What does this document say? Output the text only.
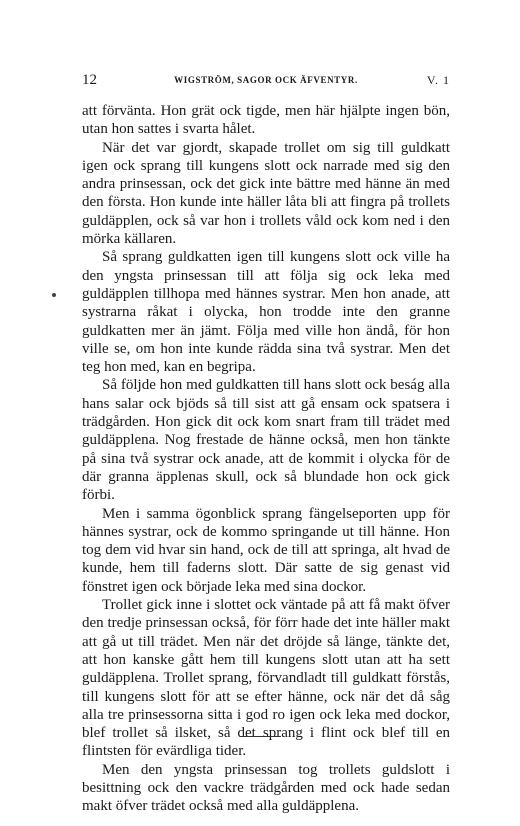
12	WIGSTRÖM, SAGOR OCK ÄFVENTYR.	V. 1

att förvänta. Hon grät ock tigde, men här hjälpte ingen bön, utan hon sattes i svarta hålet.

När det var gjordt, skapade trollet om sig till guldkatt igen ock sprang till kungens slott ock narrade med sig den andra prinsessan, ock det gick inte bättre med hänne än med den första. Hon kunde inte häller låta bli att fingra på trollets guldäpplen, ock så var hon i trollets våld ock kom ned i den mörka källaren.

Så sprang guldkatten igen till kungens slott ock ville ha den yngsta prinsessan till att följa sig ock leka med guldäpplen tillhopa med hännes systrar. Men hon anade, att systrarna råkat i olycka, hon trodde inte den granne guldkatten mer än jämt. Följa med ville hon ändå, för hon ville se, om hon inte kunde rädda sina två systrar. Men det teg hon med, kan en begripa.

Så följde hon med guldkatten till hans slott ock beság alla hans salar ock bjöds så till sist att gå ensam ock spatsera i trädgården. Hon gick dit ock kom snart fram till trädet med guldäpplena. Nog frestade de hänne också, men hon tänkte på sina två systrar ock anade, att de kommit i olycka för de där granna äpplenas skull, ock så blundade hon ock gick förbi.

Men i samma ögonblick sprang fängelseporten upp för hännes systrar, ock de kommo springande ut till hänne. Hon tog dem vid hvar sin hand, ock de till att springa, alt hvad de kunde, hem till faderns slott. Där satte de sig genast vid fönstret igen ock började leka med sina dockor.

Trollet gick inne i slottet ock väntade på att få makt öfver den tredje prinsessan också, för förr hade det inte häller makt att gå ut till trädet. Men när det dröjde så länge, tänkte det, att hon kanske gått hem till kungens slott utan att ha sett guldäpplena. Trollet sprang, förvandladt till guldkatt förstås, till kungens slott för att se efter hänne, ock när det då såg alla tre prinsessorna sitta i god ro igen ock leka med dockor, blef trollet så ilsket, så det sprang i flint ock blef till en flintsten för evärdliga tider.

Men den yngsta prinsessan tog trollets guldslott i besittning ock den vackre trädgården med ock hade sedan makt öfver trädet också med alla guldäpplena.
